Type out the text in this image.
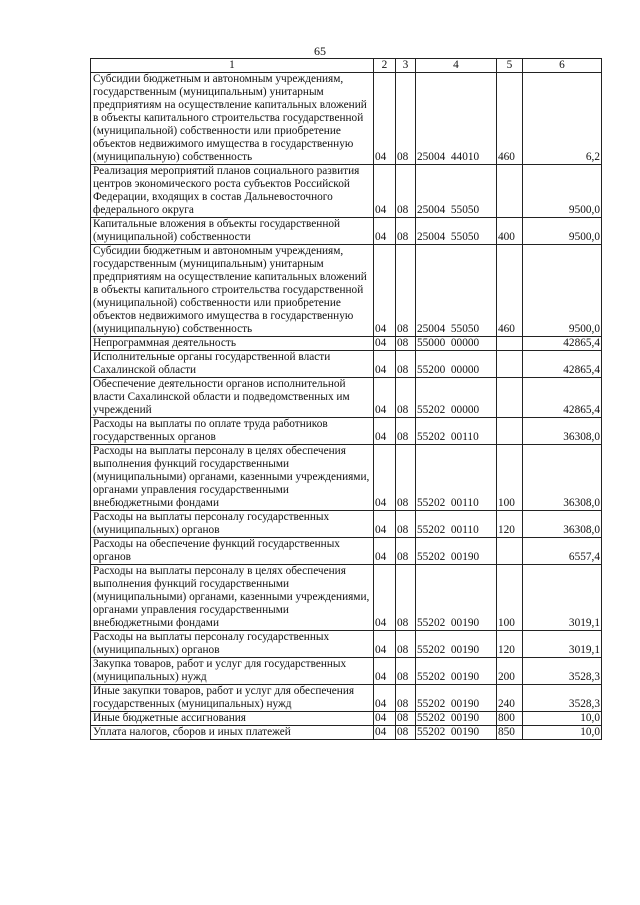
65
1	2	3	4	5	6
Субсидии бюджетным и автономным учреждениям, государственным (муниципальным) унитарным предприятиям на осуществление капитальных вложений в объекты капитального строительства государственной (муниципальной) собственности или приобретение объектов недвижимого имущества в государственную (муниципальную) собственность	04	08	25004  44010	460	6,2
Реализация мероприятий планов социального развития центров экономического роста субъектов Российской Федерации, входящих в состав Дальневосточного федерального округа	04	08	25004  55050		9500,0
Капитальные вложения в объекты государственной (муниципальной) собственности	04	08	25004  55050	400	9500,0
Субсидии бюджетным и автономным учреждениям, государственным (муниципальным) унитарным предприятиям на осуществление капитальных вложений в объекты капитального строительства государственной (муниципальной) собственности или приобретение объектов недвижимого имущества в государственную (муниципальную) собственность	04	08	25004  55050	460	9500,0
Непрограммная деятельность	04	08	55000  00000		42865,4
Исполнительные органы государственной власти Сахалинской области	04	08	55200  00000		42865,4
Обеспечение деятельности органов исполнительной власти Сахалинской области и подведомственных им учреждений	04	08	55202  00000		42865,4
Расходы на выплаты по оплате труда работников государственных органов	04	08	55202  00110		36308,0
Расходы на выплаты персоналу в целях обеспечения выполнения функций государственными (муниципальными) органами, казенными учреждениями, органами управления государственными внебюджетными фондами	04	08	55202  00110	100	36308,0
Расходы на выплаты персоналу государственных (муниципальных) органов	04	08	55202  00110	120	36308,0
Расходы на обеспечение функций государственных органов	04	08	55202  00190		6557,4
Расходы на выплаты персоналу в целях обеспечения выполнения функций государственными (муниципальными) органами, казенными учреждениями, органами управления государственными внебюджетными фондами	04	08	55202  00190	100	3019,1
Расходы на выплаты персоналу государственных (муниципальных) органов	04	08	55202  00190	120	3019,1
Закупка товаров, работ и услуг для государственных (муниципальных) нужд	04	08	55202  00190	200	3528,3
Иные закупки товаров, работ и услуг для обеспечения государственных (муниципальных) нужд	04	08	55202  00190	240	3528,3
Иные бюджетные ассигнования	04	08	55202  00190	800	10,0
Уплата налогов, сборов и иных платежей	04	08	55202  00190	850	10,0
